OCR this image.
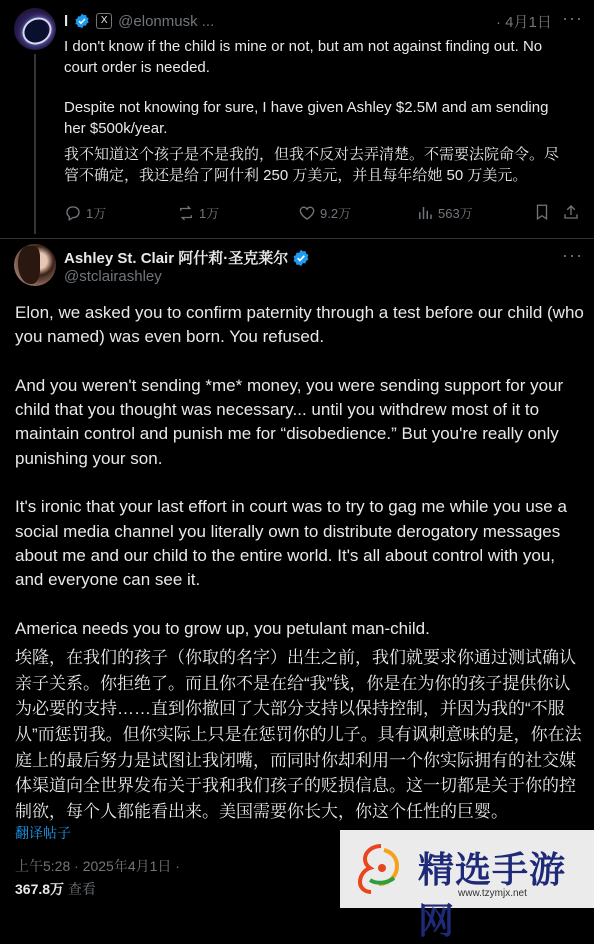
l	X @elonmusk ...	· 4月1日 ···

I don't know if the child is mine or not, but am not against finding out. No court order is needed.

Despite not knowing for sure, I have given Ashley $2.5M and am sending her $500k/year.

我不知道这个孩子是不是我的，但我不反对去弄清楚。不需要法院命令。尽管不确定，我还是给了阿什利 250 万美元，并且每年给她 50 万美元。

1万	1万	9.2万	563万
Ashley St. Clair 阿什莉·圣克莱尔
@stclairashley
···

Elon, we asked you to confirm paternity through a test before our child (who you named) was even born. You refused.

And you weren't sending *me* money, you were sending support for your child that you thought was necessary... until you withdrew most of it to maintain control and punish me for “disobedience.” But you're really only punishing your son.

It's ironic that your last effort in court was to try to gag me while you use a social media channel you literally own to distribute derogatory messages about me and our child to the entire world. It's all about control with you, and everyone can see it.

America needs you to grow up, you petulant man-child.

埃隆，在我们的孩子（你取的名字）出生之前，我们就要求你通过测试确认亲子关系。你拒绝了。而且你不是在给“我”钱，你是在为你的孩子提供你认为必要的支持……直到你撤回了大部分支持以保持控制，并因为我的“不服从”而惩罚我。但你实际上只是在惩罚你的儿子。具有讽刺意味的是，你在法庭上的最后努力是试图让我闭嘴，而同时你却利用一个你实际拥有的社交媒体渠道向全世界发布关于我和我们孩子的贬损信息。这一切都是关于你的控制欲，每个人都能看出来。美国需要你长大，你这个任性的巨婴。

翻译帖子
上午5:28 · 2025年4月1日 ·
367.8万 查看	精选手游网
www.tzymjx.net
